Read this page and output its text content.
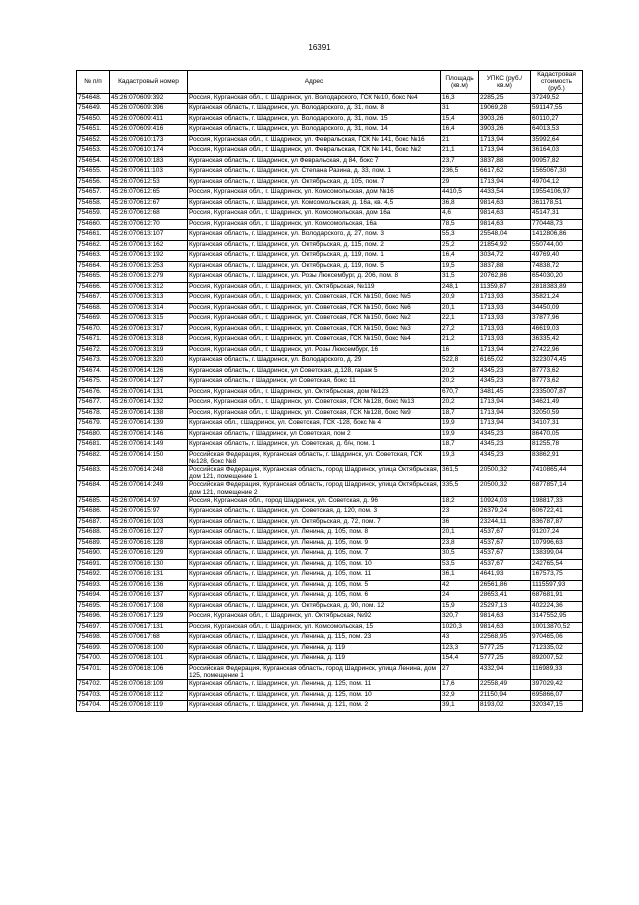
16391
№ п/п	Кадастровый номер	Адрес	Площадь (кв.м)	УПКС (руб./кв.м)	Кадастровая стоимость (руб.)
754648.	45:26:070609:392	Россия, Курганская обл., г. Шадринск, ул. Володарского, ГСК №10, бокс №4	16,3	2285,25	37249,52
754649.	45:26:070609:396	Курганская область, г. Шадринск, ул. Володарского, д. 31, пом. 8	31	19069,28	591147,55
754650.	45:26:070609:411	Курганская область, г. Шадринск, ул. Володарского, д. 31, пом. 15	15,4	3903,26	60110,27
754651.	45:26:070609:416	Курганская область, г. Шадринск, ул. Володарского, д. 31, пом. 14	16,4	3903,26	64013,53
754652.	45:26:070610:173	Россия, Курганская обл., г. Шадринск, ул. Февральская, ГСК № 141, бокс №16	21	1713,94	35992,64
754653.	45:26:070610:174	Россия, Курганская обл., г. Шадринск, ул. Февральская, ГСК № 141, бокс №2	21,1	1713,94	36164,03
754654.	45:26:070610:183	Курганская область, г. Шадринск, ул Февральская, д 84, бокс 7	23,7	3837,88	90957,82
754655.	45:26:070611:103	Курганская область, г. Шадринск, ул. Степана Разина, д. 33, пом. 1	236,5	6617,62	1565067,30
754656.	45:26:070612:53	Курганская область, г. Шадринск, ул. Октябрьская, д. 105, пом. 7	29	1713,94	49704,12
754657.	45:26:070612:65	Россия, Курганская обл., г. Шадринск, ул. Комсомольская, дом №16	4410,5	4433,54	19554106,97
754658.	45:26:070612:67	Курганская область, г. Шадринск, ул. Комсомольская, д. 16а, кв. 4,5	36,8	9814,63	361178,51
754659.	45:26:070612:68	Россия, Курганская обл., г. Шадринск, ул. Комсомольская, дом 16а	4,6	9814,63	45147,31
754660.	45:26:070612:70	Россия, Курганская обл., г. Шадринск, ул. Комсомольская, 16а	78,5	9814,63	770448,73
754661.	45:26:070613:107	Курганская область, г. Шадринск, ул. Володарского, д. 27, пом. 3	55,3	25548,04	1412806,86
754662.	45:26:070613:162	Курганская область, г. Шадринск, ул. Октябрьская, д. 115, пом. 2	25,2	21854,92	550744,00
754663.	45:26:070613:192	Курганская область, г. Шадринск, ул. Октябрьская, д. 119, пом. 1	16,4	3034,72	49769,40
754664.	45:26:070613:253	Курганская область, г. Шадринск, ул. Октябрьская, д. 119, пом. 5	19,5	3837,88	74838,72
754665.	45:26:070613:279	Курганская область, г. Шадринск, ул. Розы Люксембург, д. 206, пом. 8	31,5	20762,86	654030,20
754666.	45:26:070613:312	Россия, Курганская обл., г. Шадринск, ул. Октябрьская, №119	248,1	11359,87	2818383,89
754667.	45:26:070613:313	Россия, Курганская обл., г. Шадринск, ул. Советская, ГСК №150, бокс №5	20,9	1713,93	35821,24
754668.	45:26:070613:314	Россия, Курганская обл., г. Шадринск, ул. Советская, ГСК №150, бокс №6	20,1	1713,93	34450,09
754669.	45:26:070613:315	Россия, Курганская обл., г. Шадринск, ул. Советская, ГСК №150, бокс №2	22,1	1713,93	37877,96
754670.	45:26:070613:317	Россия, Курганская обл., г. Шадринск, ул. Советская, ГСК №150, бокс №3	27,2	1713,93	46619,03
754671.	45:26:070613:318	Россия, Курганская обл., г. Шадринск, ул. Советская, ГСК №150, бокс №4	21,2	1713,93	36335,42
754672.	45:26:070613:319	Россия, Курганская обл., г. Шадринск, ул. Розы Люксембург, 16	16	1713,94	27422,96
754673.	45:26:070613:320	Курганская область, г. Шадринск, ул. Володарского, д. 29	522,8	6165,02	3223074,45
754674.	45:26:070614:126	Курганская область, г. Шадринск, ул Советская, д.128, гараж 5	20,2	4345,23	87773,62
754675.	45:26:070614:127	Курганская область, г Шадринск, ул Советская, бокс 11	20,2	4345,23	87773,62
754676.	45:26:070614:131	Россия, Курганская обл., г. Шадринск, ул. Октябрьская, дом №123	670,7	3481,45	2335007,87
754677.	45:26:070614:132	Россия, Курганская обл., г. Шадринск, ул. Советская, ГСК №128, бокс №13	20,2	1713,94	34621,49
754678.	45:26:070614:138	Россия, Курганская обл., г. Шадринск, ул. Советская, ГСК №128, бокс №9	18,7	1713,94	32050,59
754679.	45:26:070614:139	Курганская обл., г.Шадринск, ул. Советская, ГСК -128, бокс № 4	19,9	1713,94	34107,31
754680.	45:26:070614:146	Курганская область, г Шадринск, ул Советская, пом 2	19,9	4345,23	86470,05
754681.	45:26:070614:149	Курганская область, г. Шадринск, ул. Советская, д. б/н, пом. 1	18,7	4345,23	81255,78
754682.	45:26:070614:150	Российская Федерация, Курганская область, г. Шадринск, ул. Советская, ГСК №128, бокс №8	19,3	4345,23	83862,91
754683.	45:26:070614:248	Российская Федерация, Курганская область, город Шадринск, улица Октябрьская, дом 121, помещение 1	361,5	20500,32	7410865,44
754684.	45:26:070614:249	Российская Федерация, Курганская область, город Шадринск, улица Октябрьская, дом 121, помещение 2	335,5	20500,32	6877857,14
754685.	45:26:070614:97	Россия, Курганская обл., город Шадринск, ул. Советская, д. 96	18,2	10924,03	198817,33
754686.	45:26:070615:97	Курганская область, г. Шадринск, ул. Советская, д. 120, пом. 3	23	26379,24	606722,41
754687.	45:26:070616:103	Курганская область, г. Шадринск, ул. Октябрьская, д. 72, пом. 7	36	23244,11	836787,87
754688.	45:26:070616:127	Курганская область, г. Шадринск, ул. Ленина, д. 105, пом. 8	20,1	4537,67	91207,24
754689.	45:26:070616:128	Курганская область, г. Шадринск, ул. Ленина, д. 105, пом. 9	23,8	4537,67	107996,63
754690.	45:26:070616:129	Курганская область, г. Шадринск, ул. Ленина, д. 105, пом. 7	30,5	4537,67	138399,04
754691.	45:26:070616:130	Курганская область, г. Шадринск, ул. Ленина, д. 105, пом. 10	53,5	4537,67	242765,54
754692.	45:26:070616:131	Курганская область, г. Шадринск, ул. Ленина, д. 105, пом. 11	36,1	4641,93	167573,75
754693.	45:26:070616:136	Курганская область, г. Шадринск, ул. Ленина, д. 105, пом. 5	42	26561,86	1115597,93
754694.	45:26:070616:137	Курганская область, г. Шадринск, ул. Ленина, д. 105, пом. 6	24	28653,41	687681,91
754695.	45:26:070617:108	Курганская область, г. Шадринск, ул. Октябрьская, д. 90, пом. 12	15,9	25297,13	402224,36
754696.	45:26:070617:129	Россия, Курганская обл., г. Шадринск, ул. Октябрьская, №92	320,7	9814,63	3147552,95
754697.	45:26:070617:131	Россия, Курганская обл., г. Шадринск, ул. Комсомольская, 15	1020,3	9814,63	10013870,52
754698.	45:26:070617:68	Курганская область, г. Шадринск, ул. Ленина, д. 115, пом. 23	43	22568,95	970465,06
754699.	45:26:070618:100	Курганская область, г. Шадринск, ул. Ленина, д. 119	123,3	5777,25	712335,02
754700.	45:26:070618:101	Курганская область, г. Шадринск, ул. Ленина, д. 119	154,4	5777,25	892007,52
754701.	45:26:070618:106	Российская Федерация, Курганская область, город Шадринск, улица Ленина, дом 125, помещение 1	27	4332,94	116989,33
754702.	45:26:070618:109	Курганская область, г. Шадринск, ул. Ленина, д. 125, пом. 11	17,6	22558,49	397029,42
754703.	45:26:070618:112	Курганская область, г. Шадринск, ул. Ленина, д. 125, пом. 10	32,9	21150,94	695866,07
754704.	45:26:070618:119	Курганская область, г. Шадринск, ул. Ленина, д. 121, пом. 2	39,1	8193,02	320347,15
